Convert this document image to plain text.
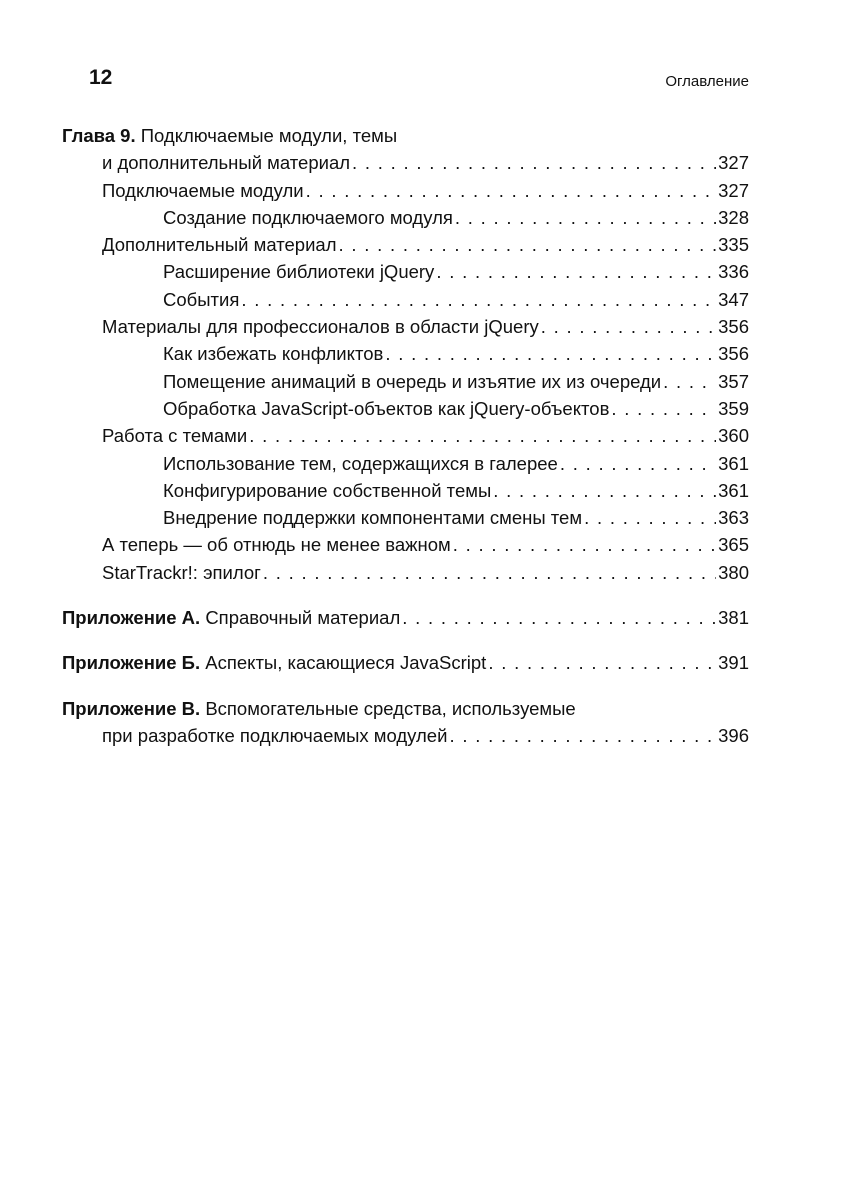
12	Оглавление
Глава 9.
Подключаемые модули, темы
и дополнительный материал . . .	327
Подключаемые модули . . .	327
Создание подключаемого модуля . . .	328
Дополнительный материал . . .	335
Расширение библиотеки jQuery . . .	336
События . . .	347
Материалы для профессионалов в области jQuery . . .	356
Как избежать конфликтов . . .	356
Помещение анимаций в очередь и изъятие их из очереди . . .	357
Обработка JavaScript-объектов как jQuery-объектов . . .	359
Работа с темами . . .	360
Использование тем, содержащихся в галерее . . .	361
Конфигурирование собственной темы . . .	361
Внедрение поддержки компонентами смены тем . . .	363
А теперь — об отнюдь не менее важном . . .	365
StarTrackr!: эпилог . . .	380
Приложение А.
Справочный материал . . .	381
Приложение Б.
Аспекты, касающиеся JavaScript . . .	391
Приложение В.
Вспомогательные средства, используемые
при разработке подключаемых модулей . . .	396
